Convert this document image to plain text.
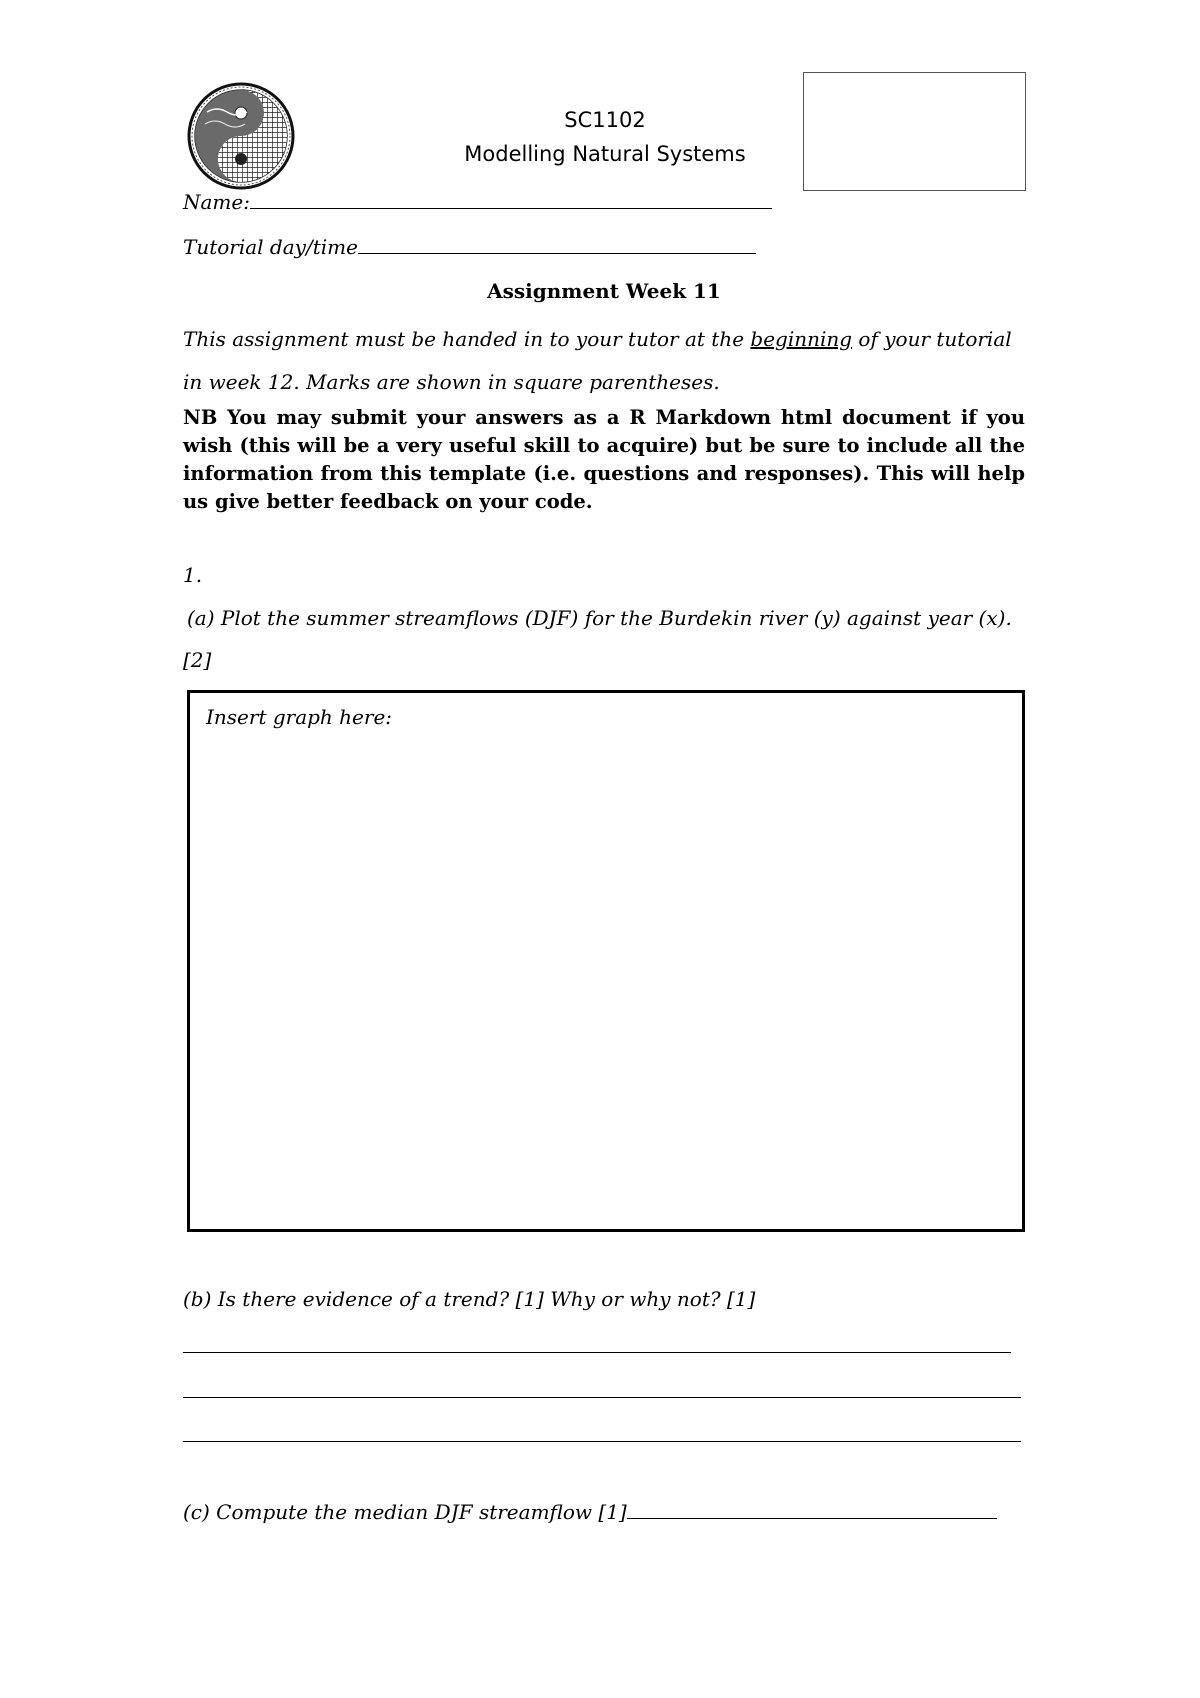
SC1102
Modelling Natural Systems
Name:
Tutorial day/time
Assignment Week 11
This assignment must be handed in to your tutor at the beginning of your tutorial in week 12. Marks are shown in square parentheses.
NB You may submit your answers as a R Markdown html document if you wish (this will be a very useful skill to acquire) but be sure to include all the information from this template (i.e. questions and responses). This will help us give better feedback on your code.
1.
(a) Plot the summer streamflows (DJF) for the Burdekin river (y) against year (x).
[2]
Insert graph here:
(b) Is there evidence of a trend? [1] Why or why not? [1]
(c) Compute the median DJF streamflow [1]
